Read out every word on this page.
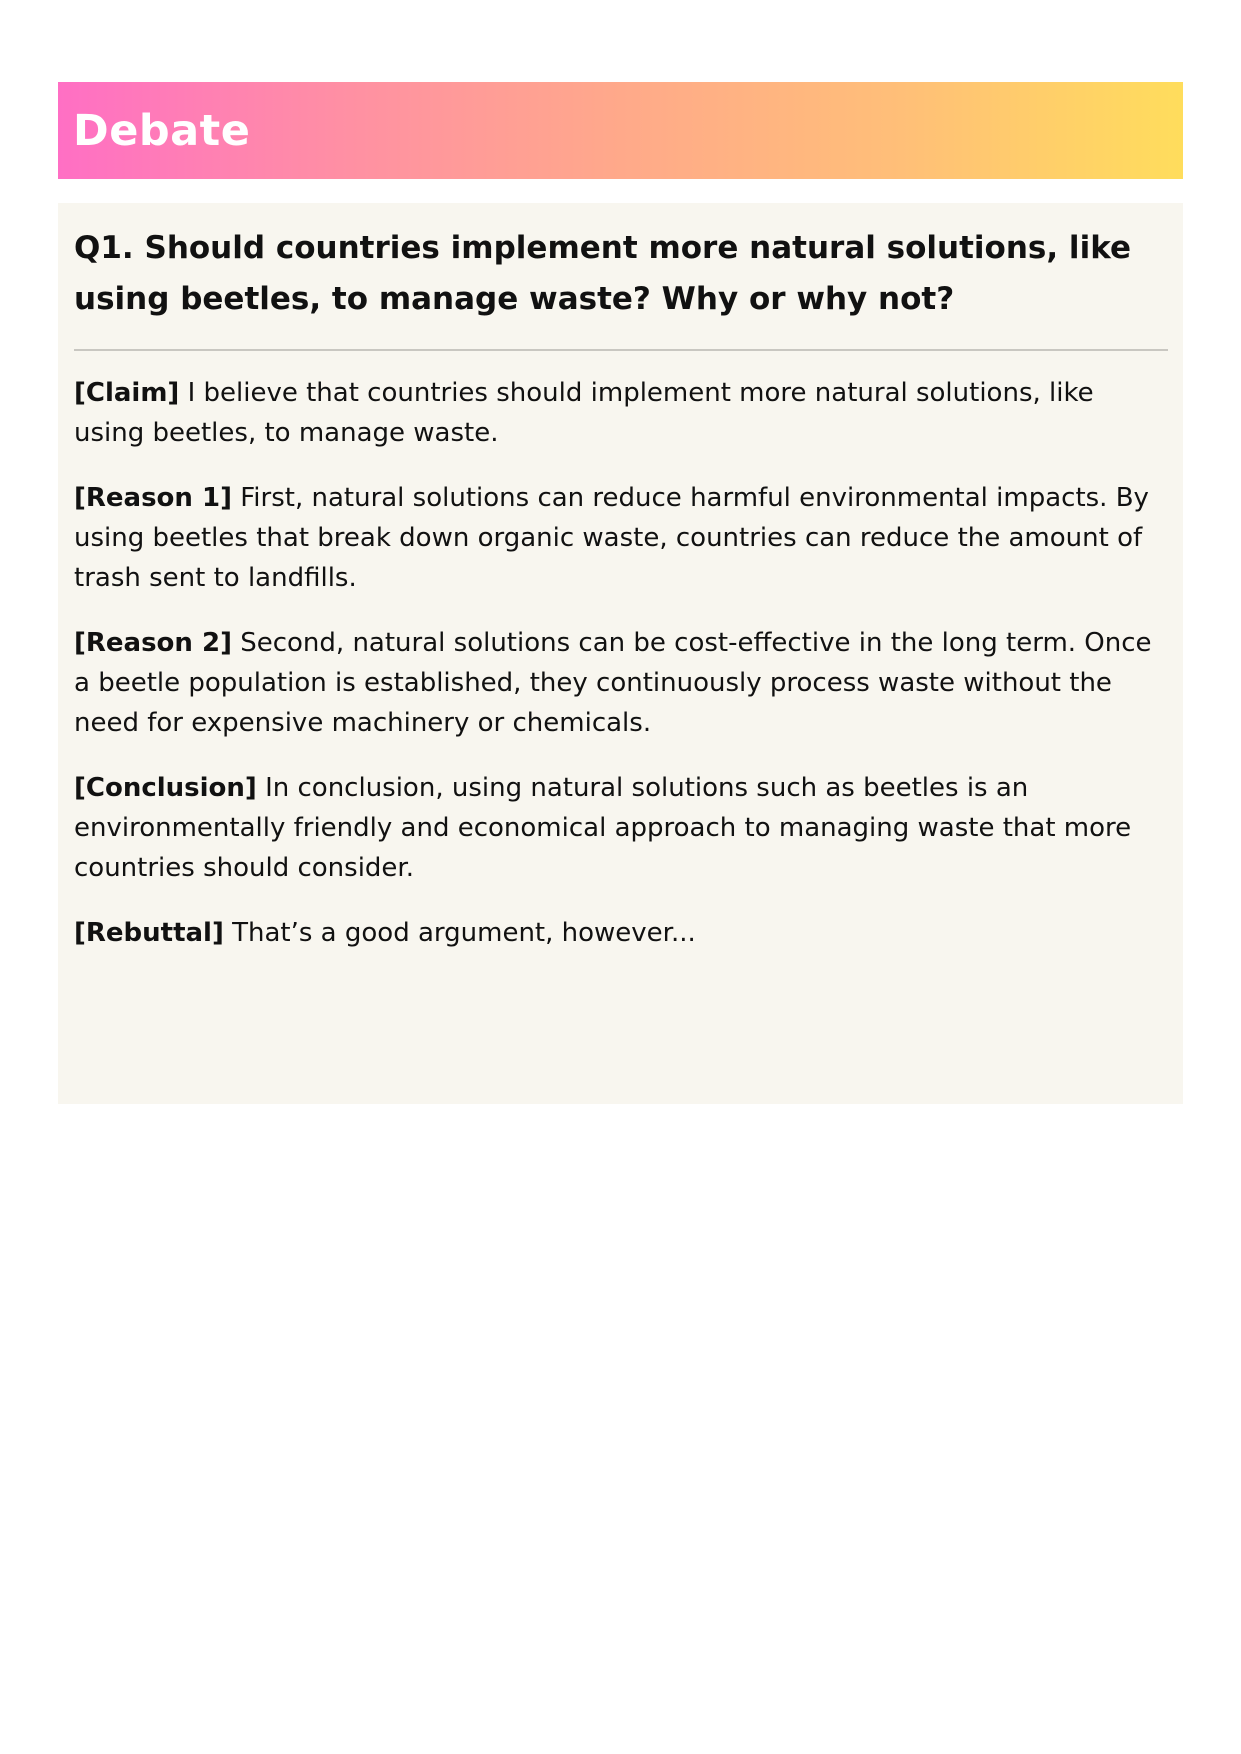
Debate

Q1. Should countries implement more natural solutions, like using beetles, to manage waste? Why or why not?

[Claim] I believe that countries should implement more natural solutions, like using beetles, to manage waste.

[Reason 1] First, natural solutions can reduce harmful environmental impacts. By using beetles that break down organic waste, countries can reduce the amount of trash sent to landfills.

[Reason 2] Second, natural solutions can be cost-effective in the long term. Once a beetle population is established, they continuously process waste without the need for expensive machinery or chemicals.

[Conclusion] In conclusion, using natural solutions such as beetles is an environmentally friendly and economical approach to managing waste that more countries should consider.

[Rebuttal] That’s a good argument, however...
